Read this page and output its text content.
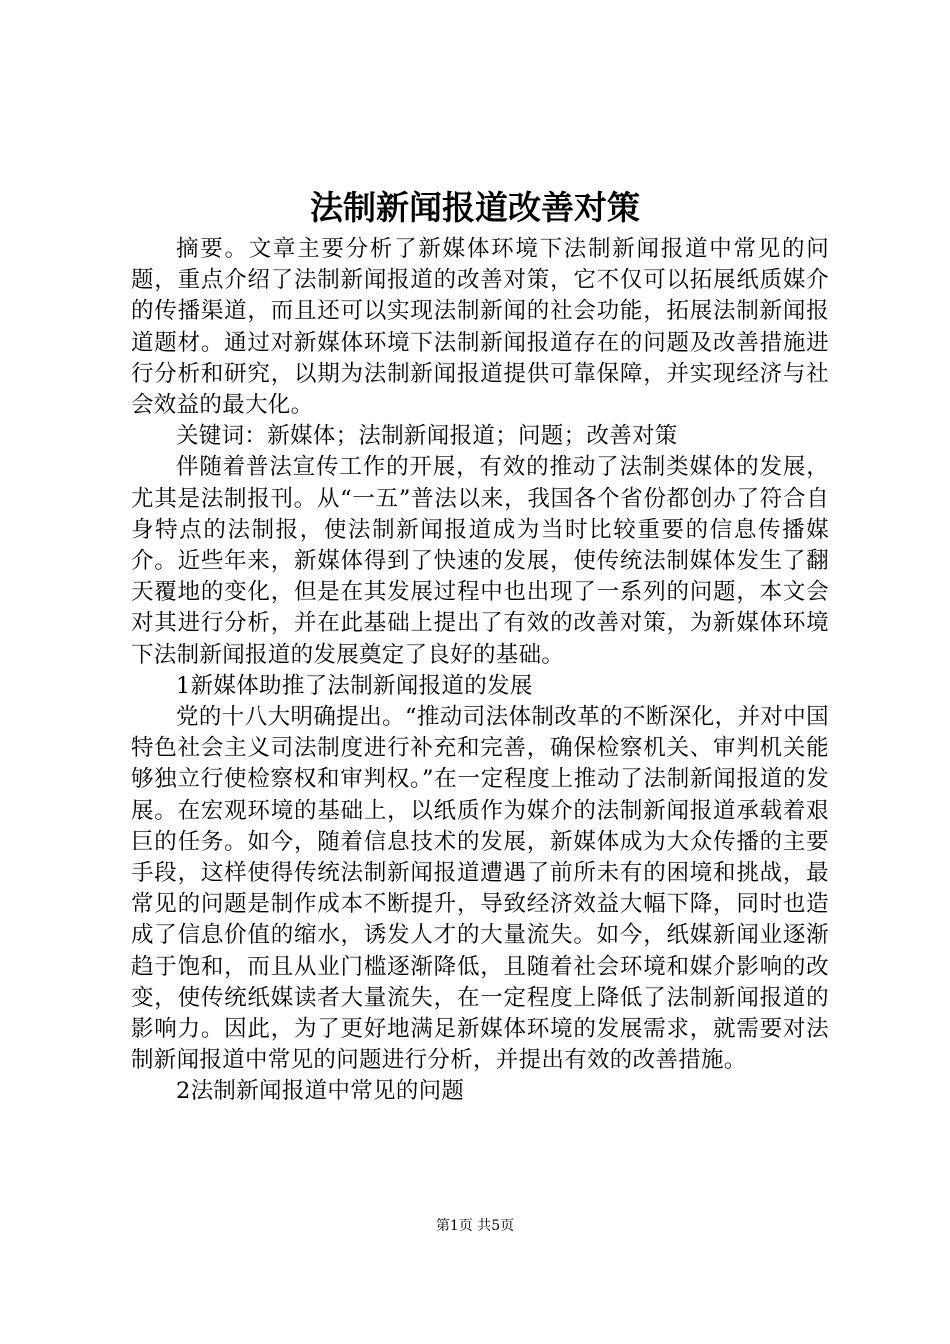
法制新闻报道改善对策

摘要。文章主要分析了新媒体环境下法制新闻报道中常见的问题，重点介绍了法制新闻报道的改善对策，它不仅可以拓展纸质媒介的传播渠道，而且还可以实现法制新闻的社会功能，拓展法制新闻报道题材。通过对新媒体环境下法制新闻报道存在的问题及改善措施进行分析和研究，以期为法制新闻报道提供可靠保障，并实现经济与社会效益的最大化。

关键词：新媒体；法制新闻报道；问题；改善对策

伴随着普法宣传工作的开展，有效的推动了法制类媒体的发展，尤其是法制报刊。从“一五”普法以来，我国各个省份都创办了符合自身特点的法制报，使法制新闻报道成为当时比较重要的信息传播媒介。近些年来，新媒体得到了快速的发展，使传统法制媒体发生了翻天覆地的变化，但是在其发展过程中也出现了一系列的问题，本文会对其进行分析，并在此基础上提出了有效的改善对策，为新媒体环境下法制新闻报道的发展奠定了良好的基础。

1新媒体助推了法制新闻报道的发展

党的十八大明确提出。“推动司法体制改革的不断深化，并对中国特色社会主义司法制度进行补充和完善，确保检察机关、审判机关能够独立行使检察权和审判权。”在一定程度上推动了法制新闻报道的发展。在宏观环境的基础上，以纸质作为媒介的法制新闻报道承载着艰巨的任务。如今，随着信息技术的发展，新媒体成为大众传播的主要手段，这样使得传统法制新闻报道遭遇了前所未有的困境和挑战，最常见的问题是制作成本不断提升，导致经济效益大幅下降，同时也造成了信息价值的缩水，诱发人才的大量流失。如今，纸媒新闻业逐渐趋于饱和，而且从业门槛逐渐降低，且随着社会环境和媒介影响的改变，使传统纸媒读者大量流失，在一定程度上降低了法制新闻报道的影响力。因此，为了更好地满足新媒体环境的发展需求，就需要对法制新闻报道中常见的问题进行分析，并提出有效的改善措施。

2法制新闻报道中常见的问题

第1页 共5页
